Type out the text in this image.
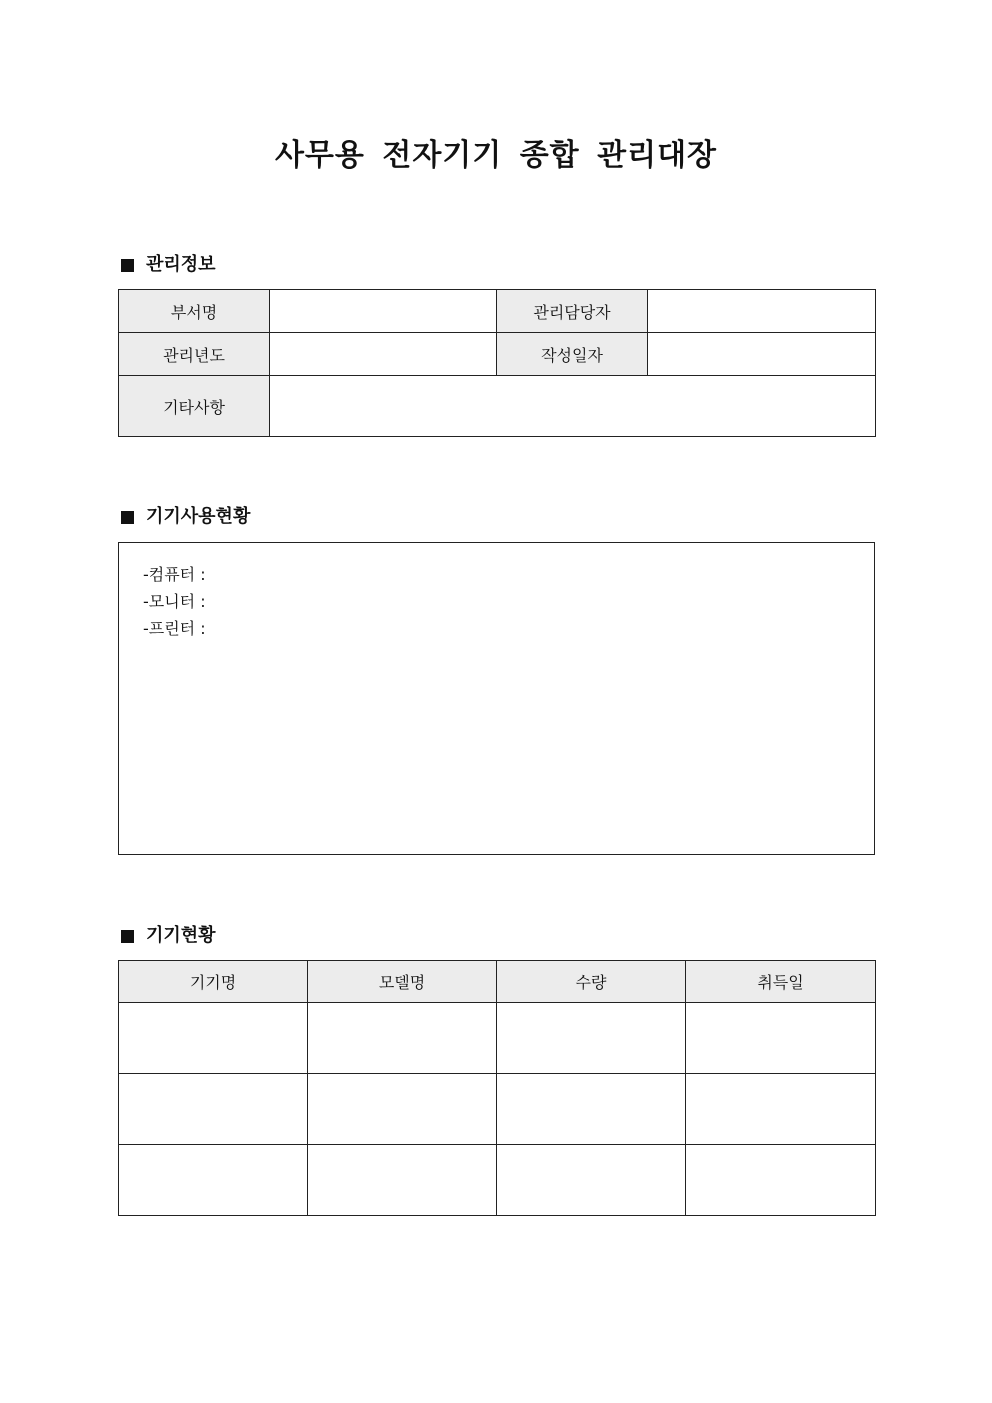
사무용 전자기기 종합 관리대장
관리정보
부서명		관리담당자	
관리년도		작성일자	
기타사항			
기기사용현황
-컴퓨터 :
-모니터 :
-프린터 :
기기현황
기기명	모델명	수량	취득일
